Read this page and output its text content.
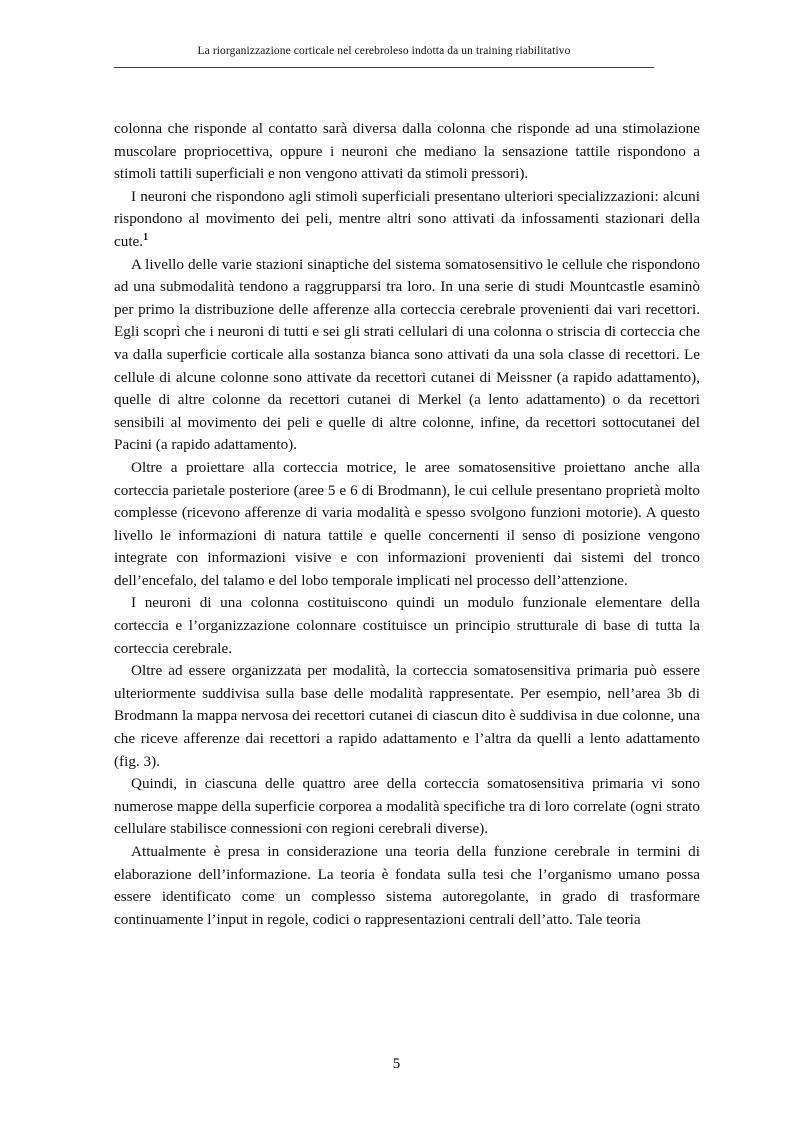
La riorganizzazione corticale nel cerebroleso indotta da un training riabilitativo

colonna che risponde al contatto sarà diversa dalla colonna che risponde ad una stimolazione muscolare propriocettiva, oppure i neuroni che mediano la sensazione tattile rispondono a stimoli tattili superficiali e non vengono attivati da stimoli pressori).

I neuroni che rispondono agli stimoli superficiali presentano ulteriori specializzazioni: alcuni rispondono al movimento dei peli, mentre altri sono attivati da infossamenti stazionari della cute.$^1$

A livello delle varie stazioni sinaptiche del sistema somatosensitivo le cellule che rispondono ad una submodalità tendono a raggrupparsi tra loro. In una serie di studi Mountcastle esaminò per primo la distribuzione delle afferenze alla corteccia cerebrale provenienti dai vari recettori. Egli scoprì che i neuroni di tutti e sei gli strati cellulari di una colonna o striscia di corteccia che va dalla superficie corticale alla sostanza bianca sono attivati da una sola classe di recettori. Le cellule di alcune colonne sono attivate da recettori cutanei di Meissner (a rapido adattamento), quelle di altre colonne da recettori cutanei di Merkel (a lento adattamento) o da recettori sensibili al movimento dei peli e quelle di altre colonne, infine, da recettori sottocutanei del Pacini (a rapido adattamento).

Oltre a proiettare alla corteccia motrice, le aree somatosensitive proiettano anche alla corteccia parietale posteriore (aree 5 e 6 di Brodmann), le cui cellule presentano proprietà molto complesse (ricevono afferenze di varia modalità e spesso svolgono funzioni motorie). A questo livello le informazioni di natura tattile e quelle concernenti il senso di posizione vengono integrate con informazioni visive e con informazioni provenienti dai sistemi del tronco dell’encefalo, del talamo e del lobo temporale implicati nel processo dell’attenzione.

I neuroni di una colonna costituiscono quindi un modulo funzionale elementare della corteccia e l’organizzazione colonnare costituisce un principio strutturale di base di tutta la corteccia cerebrale.

Oltre ad essere organizzata per modalità, la corteccia somatosensitiva primaria può essere ulteriormente suddivisa sulla base delle modalità rappresentate. Per esempio, nell’area 3b di Brodmann la mappa nervosa dei recettori cutanei di ciascun dito è suddivisa in due colonne, una che riceve afferenze dai recettori a rapido adattamento e l’altra da quelli a lento adattamento (fig. 3).

Quindi, in ciascuna delle quattro aree della corteccia somatosensitiva primaria vi sono numerose mappe della superficie corporea a modalità specifiche tra di loro correlate (ogni strato cellulare stabilisce connessioni con regioni cerebrali diverse).

Attualmente è presa in considerazione una teoria della funzione cerebrale in termini di elaborazione dell’informazione. La teoria è fondata sulla tesi che l’organismo umano possa essere identificato come un complesso sistema autoregolante, in grado di trasformare continuamente l’input in regole, codici o rappresentazioni centrali dell’atto. Tale teoria

5
